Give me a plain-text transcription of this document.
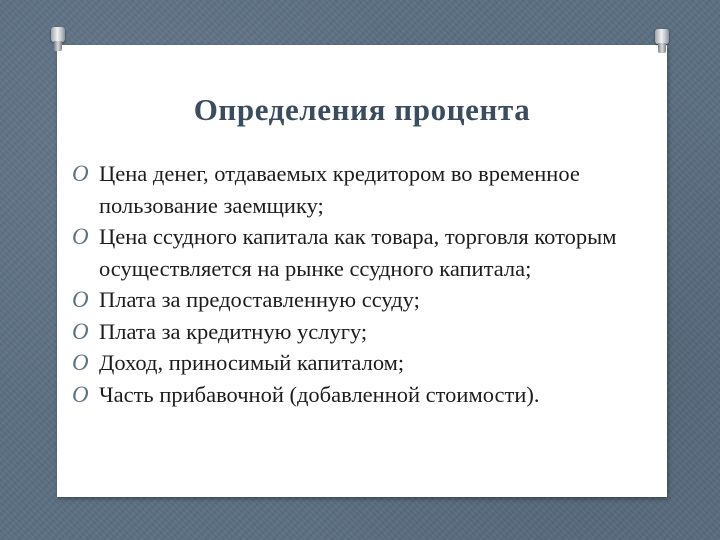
Определения процента
O Цена денег, отдаваемых кредитором во временное пользование заемщику;
O Цена ссудного капитала как товара, торговля которым осуществляется на рынке ссудного капитала;
O Плата за предоставленную ссуду;
O Плата за кредитную услугу;
O Доход, приносимый капиталом;
O Часть прибавочной (добавленной стоимости).
